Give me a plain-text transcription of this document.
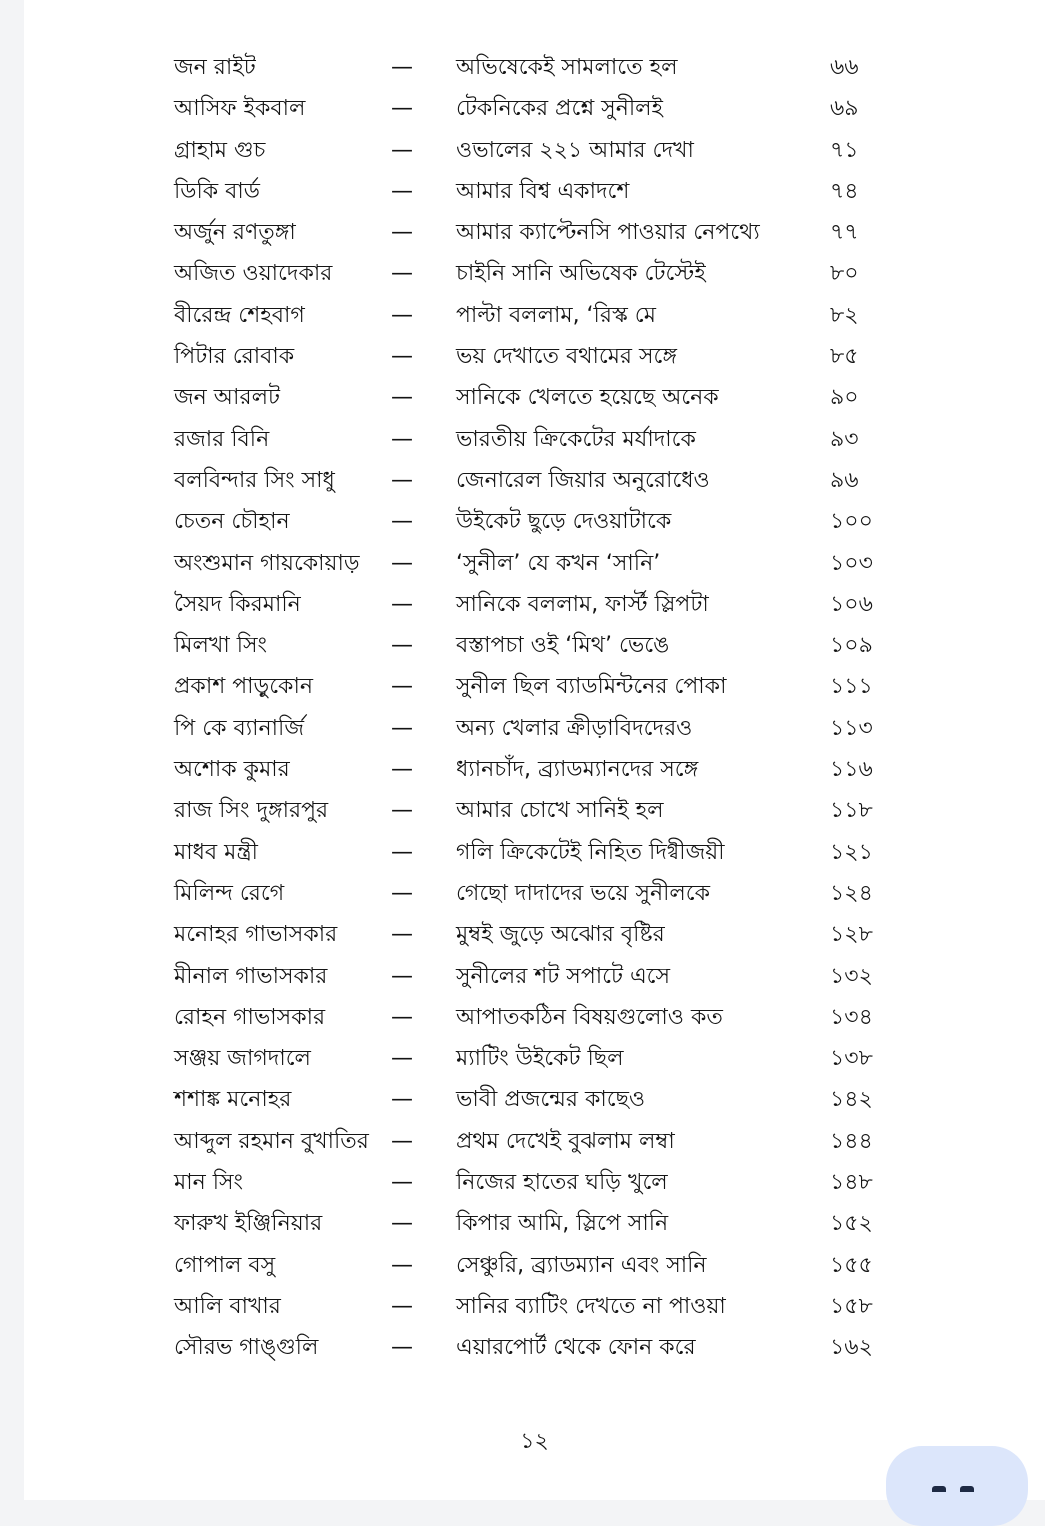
জন রাইট	—	অভিষেকেই সামলাতে হল	৬৬
আসিফ ইকবাল	—	টেকনিকের প্রশ্নে সুনীলই	৬৯
গ্রাহাম গুচ	—	ওভালের ২২১ আমার দেখা	৭১
ডিকি বার্ড	—	আমার বিশ্ব একাদশে	৭৪
অর্জুন রণতুঙ্গা	—	আমার ক্যাপ্টেনসি পাওয়ার নেপথ্যে	৭৭
অজিত ওয়াদেকার	—	চাইনি সানি অভিষেক টেস্টেই	৮০
বীরেন্দ্র শেহবাগ	—	পাল্টা বললাম, ‘রিস্ক মে	৮২
পিটার রোবাক	—	ভয় দেখাতে বথামের সঙ্গে	৮৫
জন আরলট	—	সানিকে খেলতে হয়েছে অনেক	৯০
রজার বিনি	—	ভারতীয় ক্রিকেটের মর্যাদাকে	৯৩
বলবিন্দার সিং সাধু	—	জেনারেল জিয়ার অনুরোধেও	৯৬
চেতন চৌহান	—	উইকেট ছুড়ে দেওয়াটাকে	১০০
অংশুমান গায়কোয়াড়	—	‘সুনীল’ যে কখন ‘সানি’	১০৩
সৈয়দ কিরমানি	—	সানিকে বললাম, ফার্স্ট স্লিপটা	১০৬
মিলখা সিং	—	বস্তাপচা ওই ‘মিথ’ ভেঙে	১০৯
প্রকাশ পাড়ুকোন	—	সুনীল ছিল ব্যাডমিন্টনের পোকা	১১১
পি কে ব্যানার্জি	—	অন্য খেলার ক্রীড়াবিদদেরও	১১৩
অশোক কুমার	—	ধ্যানচাঁদ, ব্র্যাডম্যানদের সঙ্গে	১১৬
রাজ সিং দুঙ্গারপুর	—	আমার চোখে সানিই হল	১১৮
মাধব মন্ত্রী	—	গলি ক্রিকেটেই নিহিত দিগ্বীজয়ী	১২১
মিলিন্দ রেগে	—	গেছো দাদাদের ভয়ে সুনীলকে	১২৪
মনোহর গাভাসকার	—	মুম্বই জুড়ে অঝোর বৃষ্টির	১২৮
মীনাল গাভাসকার	—	সুনীলের শট সপাটে এসে	১৩২
রোহন গাভাসকার	—	আপাতকঠিন বিষয়গুলোও কত	১৩৪
সঞ্জয় জাগদালে	—	ম্যাটিং উইকেট ছিল	১৩৮
শশাঙ্ক মনোহর	—	ভাবী প্রজন্মের কাছেও	১৪২
আব্দুল রহমান বুখাতির	—	প্রথম দেখেই বুঝলাম লম্বা	১৪৪
মান সিং	—	নিজের হাতের ঘড়ি খুলে	১৪৮
ফারুখ ইঞ্জিনিয়ার	—	কিপার আমি, স্লিপে সানি	১৫২
গোপাল বসু	—	সেঞ্চুরি, ব্র্যাডম্যান এবং সানি	১৫৫
আলি বাখার	—	সানির ব্যাটিং দেখতে না পাওয়া	১৫৮
সৌরভ গাঙ্গুলি	—	এয়ারপোর্ট থেকে ফোন করে	১৬২
১২
